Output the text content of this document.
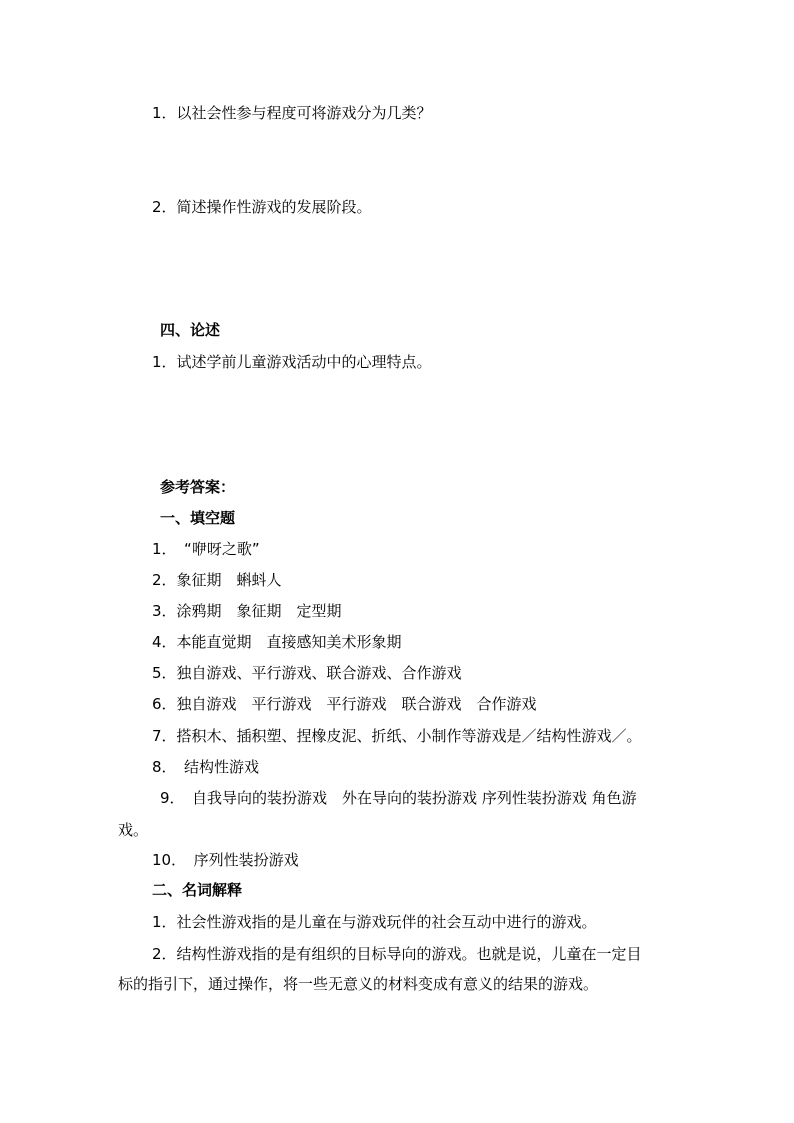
1．以社会性参与程度可将游戏分为几类？
2．简述操作性游戏的发展阶段。
四、论述
1．试述学前儿童游戏活动中的心理特点。
参考答案：
一、填空题
1．　“咿呀之歌”
2．象征期　蝌蚪人
3．涂鸦期　象征期　定型期
4．本能直觉期　直接感知美术形象期
5．独自游戏、平行游戏、联合游戏、合作游戏
6．独自游戏　平行游戏　平行游戏　联合游戏　合作游戏
7．搭积木、插积塑、捏橡皮泥、折纸、小制作等游戏是／结构性游戏／。
8．　结构性游戏
9．　自我导向的装扮游戏　外在导向的装扮游戏 序列性装扮游戏 角色游
戏。
10．　序列性装扮游戏
二、名词解释
1．社会性游戏指的是儿童在与游戏玩伴的社会互动中进行的游戏。
2．结构性游戏指的是有组织的目标导向的游戏。也就是说，儿童在一定目
标的指引下，通过操作，将一些无意义的材料变成有意义的结果的游戏。
